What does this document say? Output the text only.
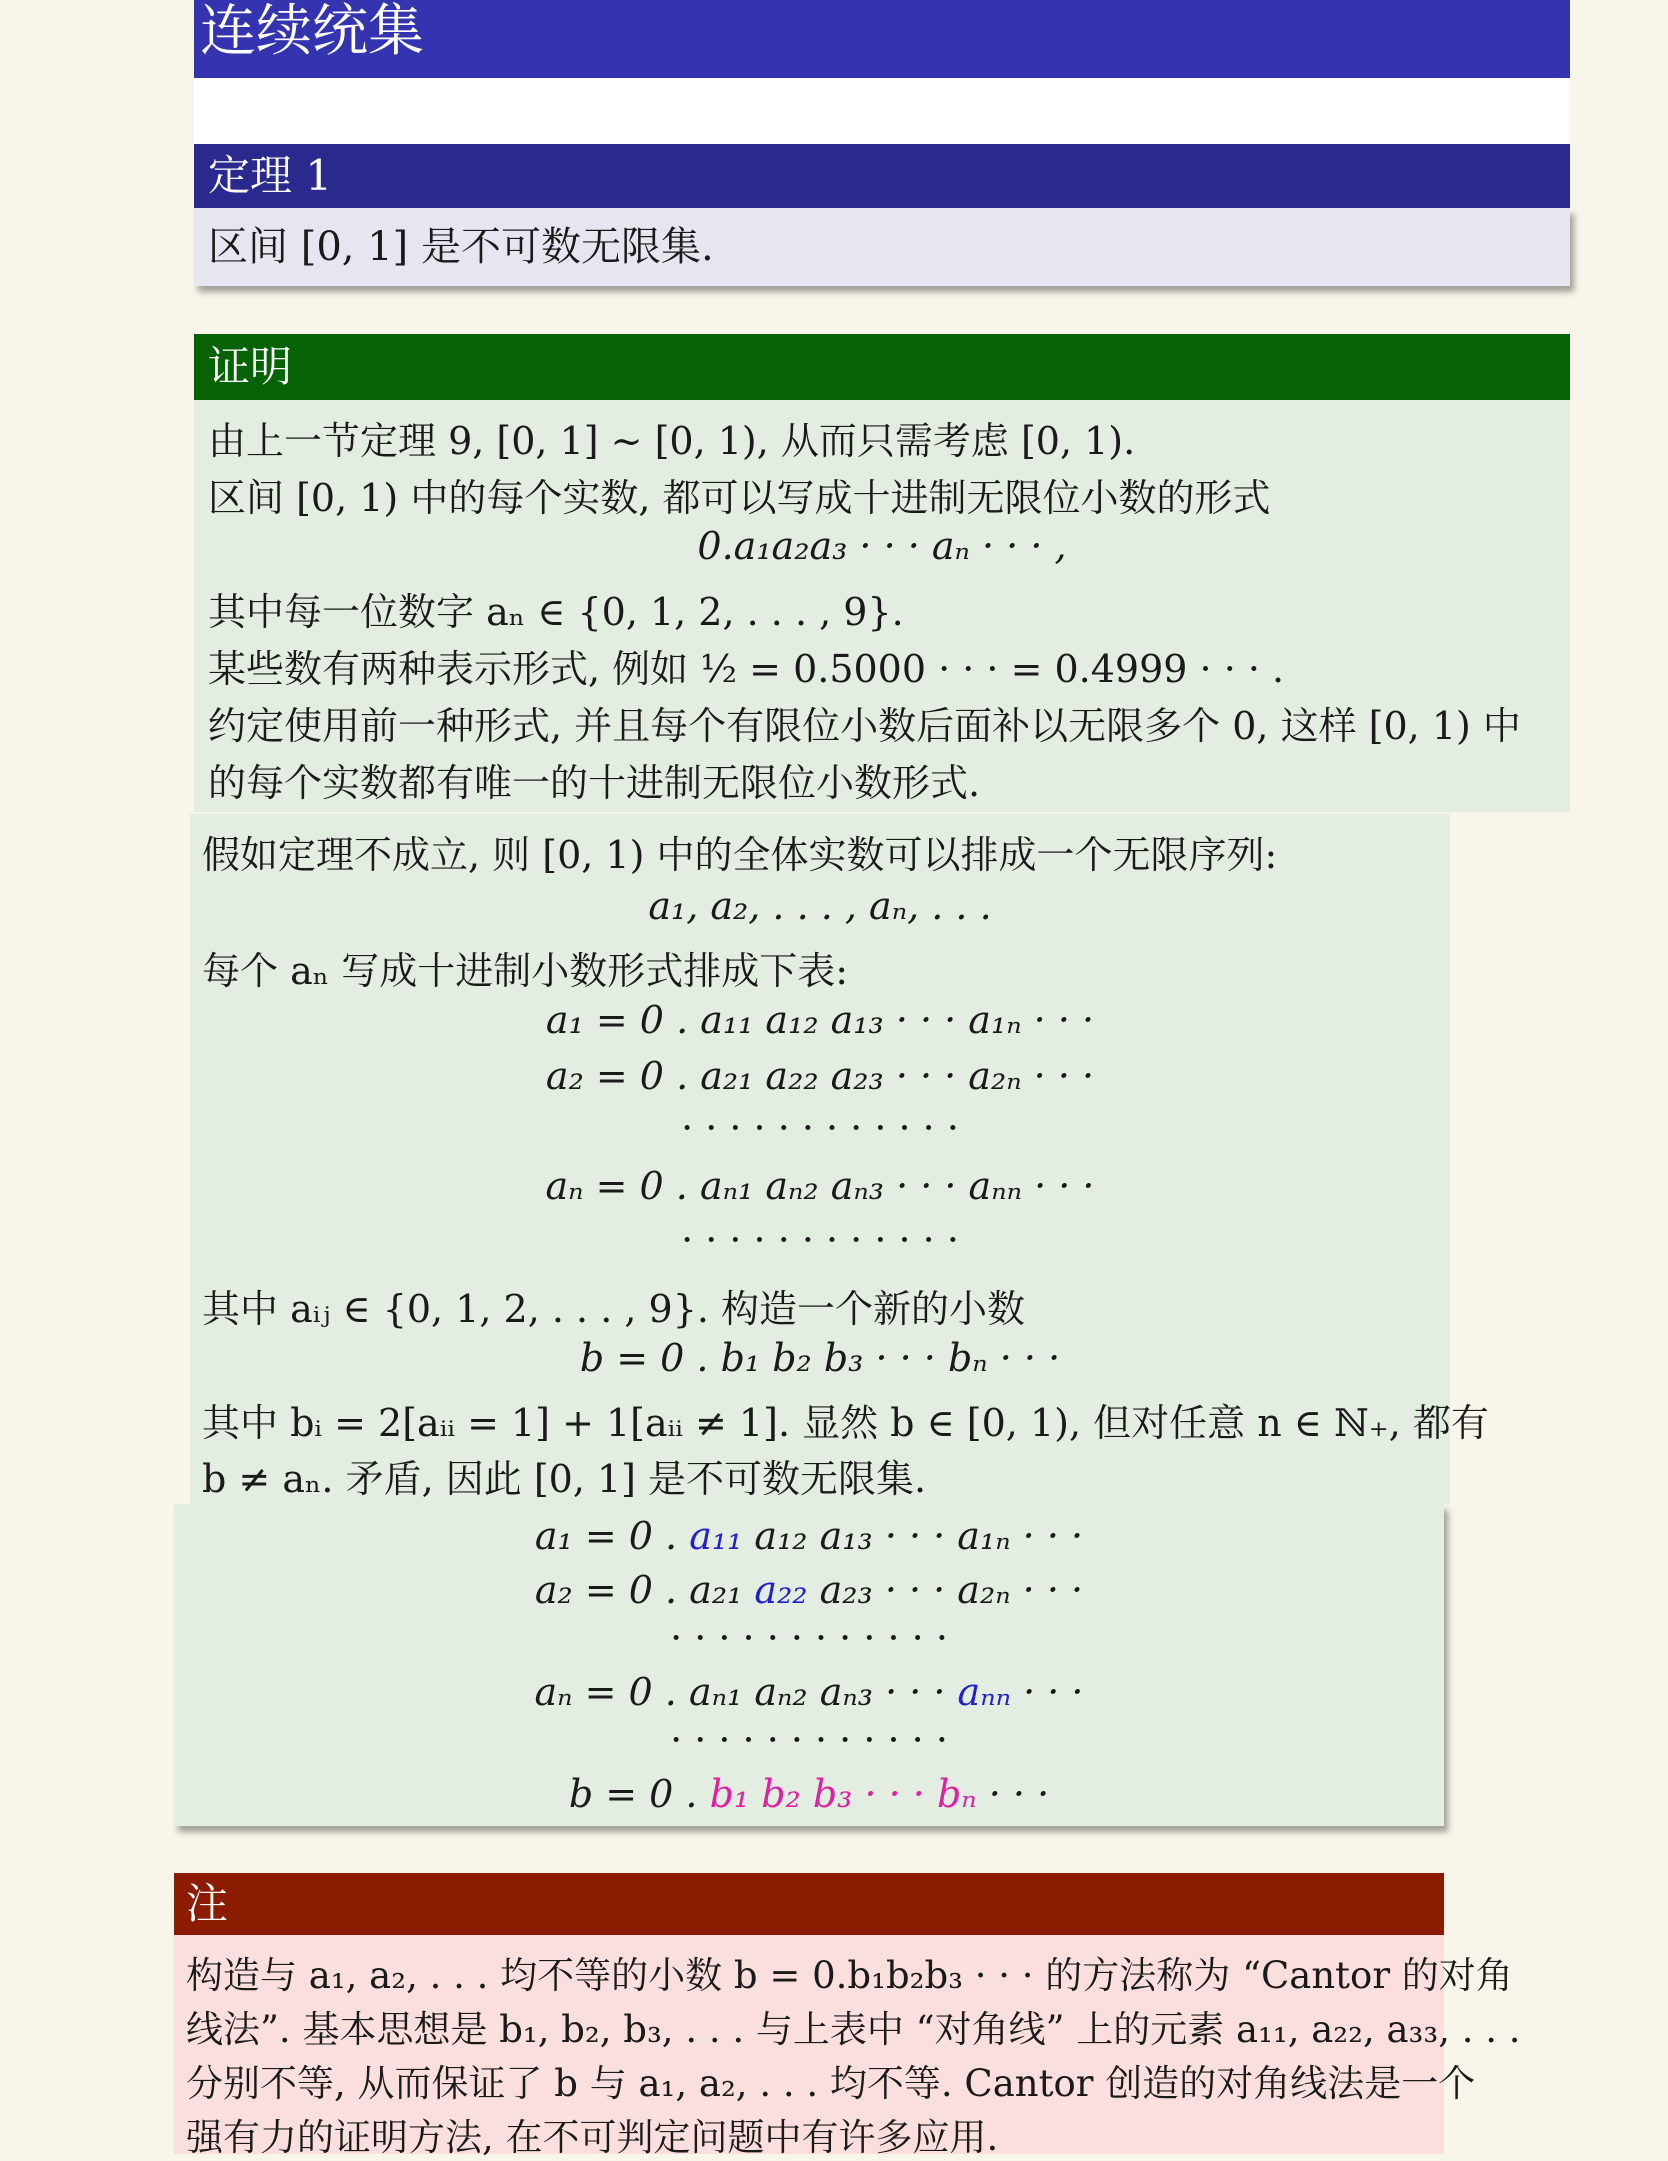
连续统集
定理 1
区间 [0, 1] 是不可数无限集.
证明
由上一节定理 9, [0, 1] ∼ [0, 1), 从而只需考虑 [0, 1).
区间 [0, 1) 中的每个实数, 都可以写成十进制无限位小数的形式
0.a₁a₂a₃ · · · aₙ · · · ,
其中每一位数字 aₙ ∈ {0, 1, 2, . . . , 9}.
某些数有两种表示形式, 例如 ½ = 0.5000 · · · = 0.4999 · · · .
约定使用前一种形式, 并且每个有限位小数后面补以无限多个 0, 这样 [0, 1) 中
的每个实数都有唯一的十进制无限位小数形式.
假如定理不成立, 则 [0, 1) 中的全体实数可以排成一个无限序列:
a₁, a₂, . . . , aₙ, . . .
每个 aₙ 写成十进制小数形式排成下表:
a₁ = 0 . a₁₁ a₁₂ a₁₃ · · · a₁ₙ · · ·
a₂ = 0 . a₂₁ a₂₂ a₂₃ · · · a₂ₙ · · ·
· · · · · · · · · · · ·
aₙ = 0 . aₙ₁ aₙ₂ aₙ₃ · · · aₙₙ · · ·
· · · · · · · · · · · ·
其中 aᵢⱼ ∈ {0, 1, 2, . . . , 9}. 构造一个新的小数
b = 0 . b₁ b₂ b₃ · · · bₙ · · ·
其中 bᵢ = 2[aᵢᵢ = 1] + 1[aᵢᵢ ≠ 1]. 显然 b ∈ [0, 1), 但对任意 n ∈ ℕ₊, 都有
b ≠ aₙ. 矛盾, 因此 [0, 1] 是不可数无限集.
a₁ = 0 . a₁₁ a₁₂ a₁₃ · · · a₁ₙ · · ·
a₂ = 0 . a₂₁ a₂₂ a₂₃ · · · a₂ₙ · · ·
· · · · · · · · · · · ·
aₙ = 0 . aₙ₁ aₙ₂ aₙ₃ · · · aₙₙ · · ·
· · · · · · · · · · · ·
b = 0 . b₁ b₂ b₃ · · · bₙ · · ·
注
构造与 a₁, a₂, . . . 均不等的小数 b = 0.b₁b₂b₃ · · · 的方法称为 “Cantor 的对角
线法”. 基本思想是 b₁, b₂, b₃, . . . 与上表中 “对角线” 上的元素 a₁₁, a₂₂, a₃₃, . . .
分别不等, 从而保证了 b 与 a₁, a₂, . . . 均不等. Cantor 创造的对角线法是一个
强有力的证明方法, 在不可判定问题中有许多应用.
